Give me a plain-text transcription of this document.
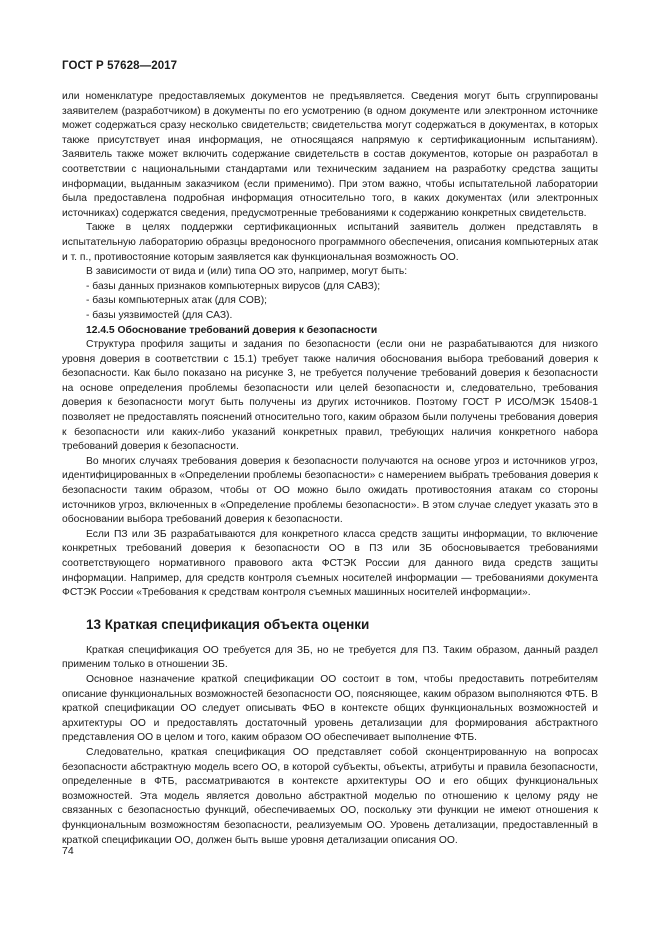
ГОСТ Р 57628—2017

или номенклатуре предоставляемых документов не предъявляется. Сведения могут быть сгруппированы заявителем (разработчиком) в документы по его усмотрению (в одном документе или электронном источнике может содержаться сразу несколько свидетельств; свидетельства могут содержаться в документах, в которых также присутствует иная информация, не относящаяся напрямую к сертификационным испытаниям). Заявитель также может включить содержание свидетельств в состав документов, которые он разработал в соответствии с национальными стандартами или техническим заданием на разработку средства защиты информации, выданным заказчиком (если применимо). При этом важно, чтобы испытательной лаборатории была предоставлена подробная информация относительно того, в каких документах (или электронных источниках) содержатся сведения, предусмотренные требованиями к содержанию конкретных свидетельств.

Также в целях поддержки сертификационных испытаний заявитель должен представлять в испытательную лабораторию образцы вредоносного программного обеспечения, описания компьютерных атак и т. п., противостояние которым заявляется как функциональная возможность ОО.

В зависимости от вида и (или) типа ОО это, например, могут быть:

- базы данных признаков компьютерных вирусов (для САВЗ);

- базы компьютерных атак (для СОВ);

- базы уязвимостей (для САЗ).

12.4.5 Обоснование требований доверия к безопасности

Структура профиля защиты и задания по безопасности (если они не разрабатываются для низкого уровня доверия в соответствии с 15.1) требует также наличия обоснования выбора требований доверия к безопасности. Как было показано на рисунке 3, не требуется получение требований доверия к безопасности на основе определения проблемы безопасности или целей безопасности и, следовательно, требования доверия к безопасности могут быть получены из других источников. Поэтому ГОСТ Р ИСО/МЭК 15408-1 позволяет не предоставлять пояснений относительно того, каким образом были получены требования доверия к безопасности или каких-либо указаний конкретных правил, требующих наличия конкретного набора требований доверия к безопасности.

Во многих случаях требования доверия к безопасности получаются на основе угроз и источников угроз, идентифицированных в «Определении проблемы безопасности» с намерением выбрать требования доверия к безопасности таким образом, чтобы от ОО можно было ожидать противостояния атакам со стороны источников угроз, включенных в «Определение проблемы безопасности». В этом случае следует указать это в обосновании выбора требований доверия к безопасности.

Если ПЗ или ЗБ разрабатываются для конкретного класса средств защиты информации, то включение конкретных требований доверия к безопасности ОО в ПЗ или ЗБ обосновывается требованиями соответствующего нормативного правового акта ФСТЭК России для данного вида средств защиты информации. Например, для средств контроля съемных носителей информации — требованиями документа ФСТЭК России «Требования к средствам контроля съемных машинных носителей информации».

13 Краткая спецификация объекта оценки

Краткая спецификация ОО требуется для ЗБ, но не требуется для ПЗ. Таким образом, данный раздел применим только в отношении ЗБ.

Основное назначение краткой спецификации ОО состоит в том, чтобы предоставить потребителям описание функциональных возможностей безопасности ОО, поясняющее, каким образом выполняются ФТБ. В краткой спецификации ОО следует описывать ФБО в контексте общих функциональных возможностей и архитектуры ОО и предоставлять достаточный уровень детализации для формирования абстрактного представления ОО в целом и того, каким образом ОО обеспечивает выполнение ФТБ.

Следовательно, краткая спецификация ОО представляет собой сконцентрированную на вопросах безопасности абстрактную модель всего ОО, в которой субъекты, объекты, атрибуты и правила безопасности, определенные в ФТБ, рассматриваются в контексте архитектуры ОО и его общих функциональных возможностей. Эта модель является довольно абстрактной моделью по отношению к целому ряду не связанных с безопасностью функций, обеспечиваемых ОО, поскольку эти функции не имеют отношения к функциональным возможностям безопасности, реализуемым ОО. Уровень детализации, предоставленный в краткой спецификации ОО, должен быть выше уровня детализации описания ОО.

74
